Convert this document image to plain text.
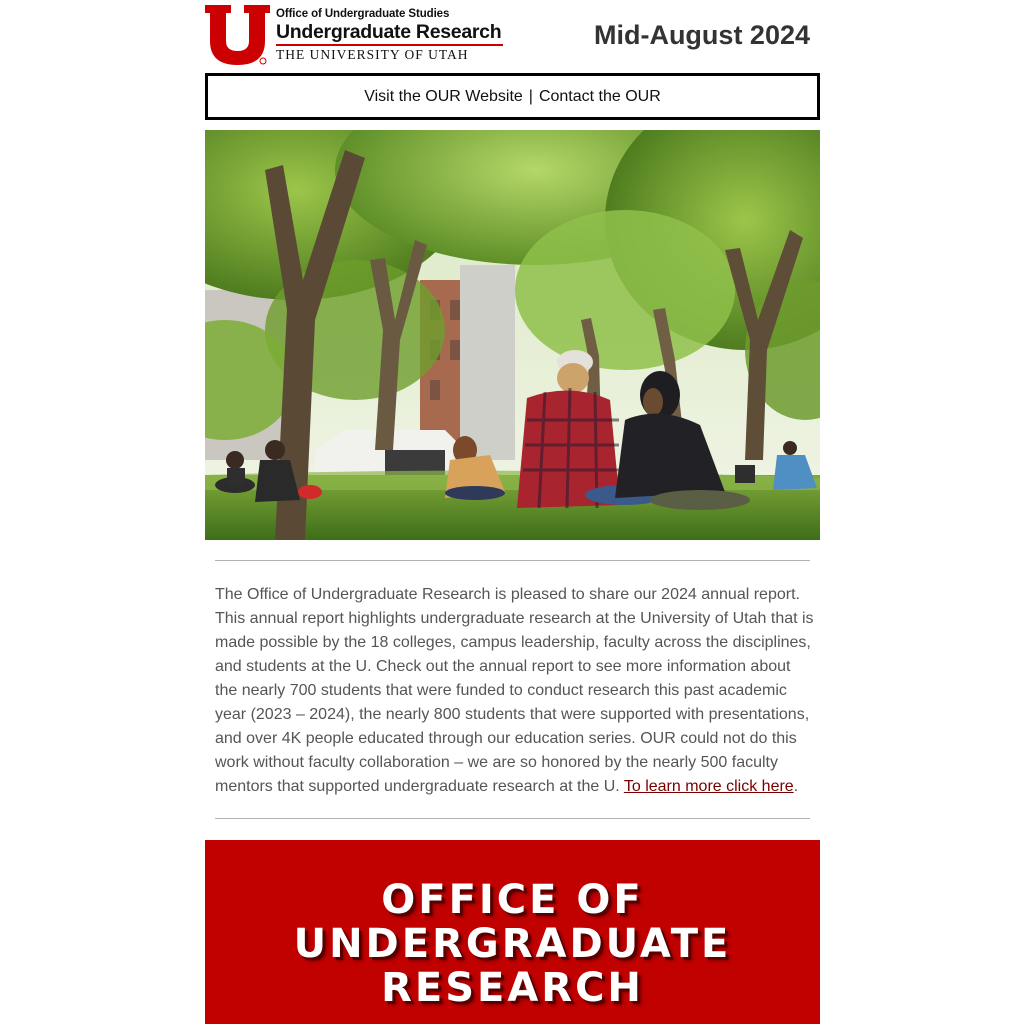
Office of Undergraduate Studies
Undergraduate Research
THE UNIVERSITY OF UTAH
Mid-August 2024
Visit the OUR Website | Contact the OUR
The Office of Undergraduate Research is pleased to share our 2024 annual report. This annual report highlights undergraduate research at the University of Utah that is made possible by the 18 colleges, campus leadership, faculty across the disciplines, and students at the U. Check out the annual report to see more information about the nearly 700 students that were funded to conduct research this past academic year (2023 – 2024), the nearly 800 students that were supported with presentations, and over 4K people educated through our education series. OUR could not do this work without faculty collaboration – we are so honored by the nearly 500 faculty mentors that supported undergraduate research at the U. To learn more click here.
OFFICE OF
UNDERGRADUATE
RESEARCH
